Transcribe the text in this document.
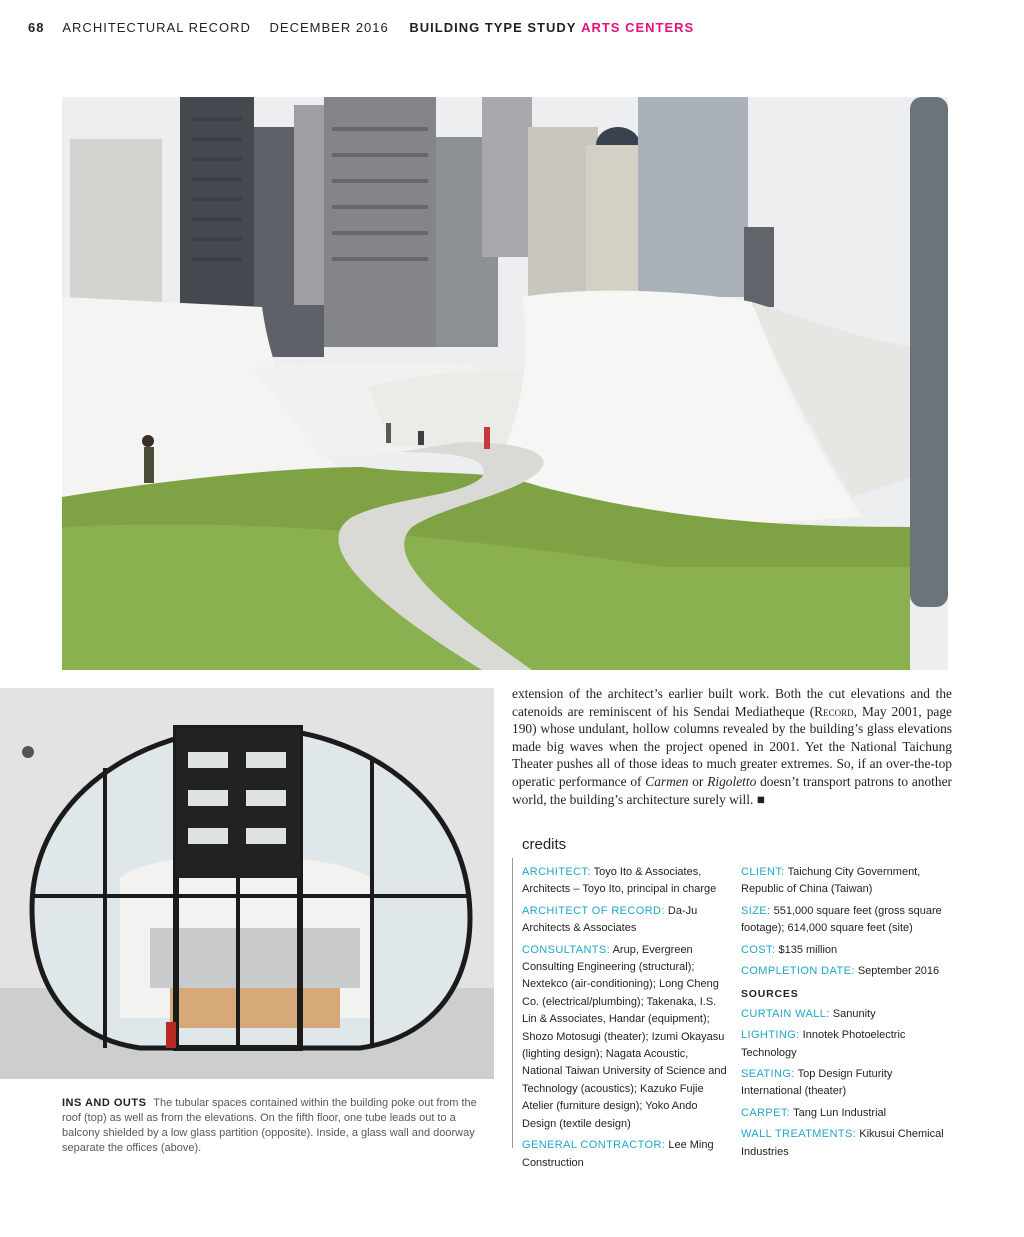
68 ARCHITECTURAL RECORD DECEMBER 2016 BUILDING TYPE STUDY ARTS CENTERS
INS AND OUTS The tubular spaces contained within the building poke out from the roof (top) as well as from the elevations. On the fifth floor, one tube leads out to a balcony shielded by a low glass partition (opposite). Inside, a glass wall and doorway separate the offices (above).
extension of the architect’s earlier built work. Both the cut elevations and the catenoids are reminiscent of his Sendai Mediatheque (Record, May 2001, page 190) whose undulant, hollow columns revealed by the building’s glass elevations made big waves when the project opened in 2001. Yet the National Taichung Theater pushes all of those ideas to much greater extremes. So, if an over-the-top operatic performance of Carmen or Rigoletto doesn’t transport patrons to another world, the building’s architecture surely will. ■
credits
ARCHITECT: Toyo Ito & Associates, Architects – Toyo Ito, principal in charge
ARCHITECT OF RECORD: Da-Ju Architects & Associates
CONSULTANTS: Arup, Evergreen Consulting Engineering (structural); Nextekco (air-conditioning); Long Cheng Co. (electrical/plumbing); Takenaka, I.S. Lin & Associates, Handar (equipment); Shozo Motosugi (theater); Izumi Okayasu (lighting design); Nagata Acoustic, National Taiwan University of Science and Technology (acoustics); Kazuko Fujie Atelier (furniture design); Yoko Ando Design (textile design)
GENERAL CONTRACTOR: Lee Ming Construction
CLIENT: Taichung City Government, Republic of China (Taiwan)
SIZE: 551,000 square feet (gross square footage); 614,000 square feet (site)
COST: $135 million
COMPLETION DATE: September 2016
SOURCES
CURTAIN WALL: Sanunity
LIGHTING: Innotek Photoelectric Technology
SEATING: Top Design Futurity International (theater)
CARPET: Tang Lun Industrial
WALL TREATMENTS: Kikusui Chemical Industries
